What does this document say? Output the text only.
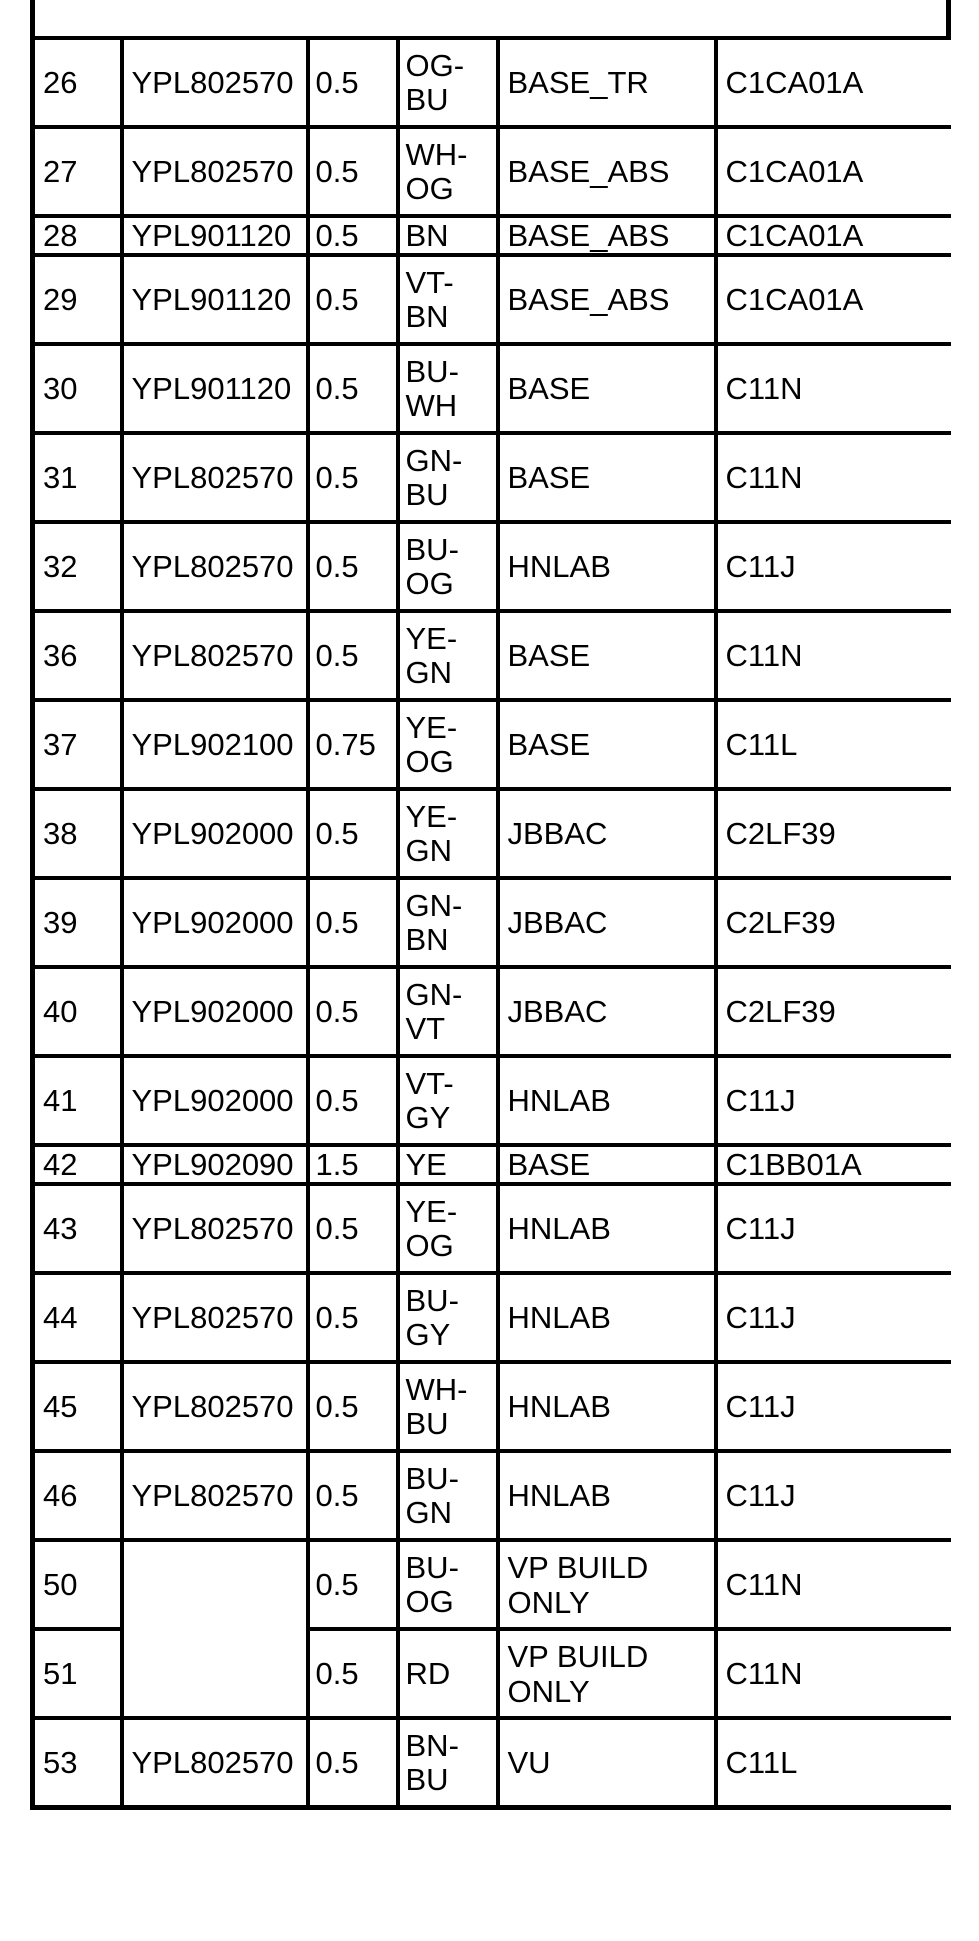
26	YPL802570	0.5	OG-
BU	BASE_TR	C1CA01A
27	YPL802570	0.5	WH-
OG	BASE_ABS	C1CA01A
28	YPL901120	0.5	BN	BASE_ABS	C1CA01A
29	YPL901120	0.5	VT-
BN	BASE_ABS	C1CA01A
30	YPL901120	0.5	BU-
WH	BASE	C11N
31	YPL802570	0.5	GN-
BU	BASE	C11N
32	YPL802570	0.5	BU-
OG	HNLAB	C11J
36	YPL802570	0.5	YE-
GN	BASE	C11N
37	YPL902100	0.75	YE-
OG	BASE	C11L
38	YPL902000	0.5	YE-
GN	JBBAC	C2LF39
39	YPL902000	0.5	GN-
BN	JBBAC	C2LF39
40	YPL902000	0.5	GN-
VT	JBBAC	C2LF39
41	YPL902000	0.5	VT-
GY	HNLAB	C11J
42	YPL902090	1.5	YE	BASE	C1BB01A
43	YPL802570	0.5	YE-
OG	HNLAB	C11J
44	YPL802570	0.5	BU-
GY	HNLAB	C11J
45	YPL802570	0.5	WH-
BU	HNLAB	C11J
46	YPL802570	0.5	BU-
GN	HNLAB	C11J
50		0.5	BU-
OG	VP BUILD
ONLY	C11N
51		0.5	RD	VP BUILD
ONLY	C11N
53	YPL802570	0.5	BN-
BU	VU	C11L
